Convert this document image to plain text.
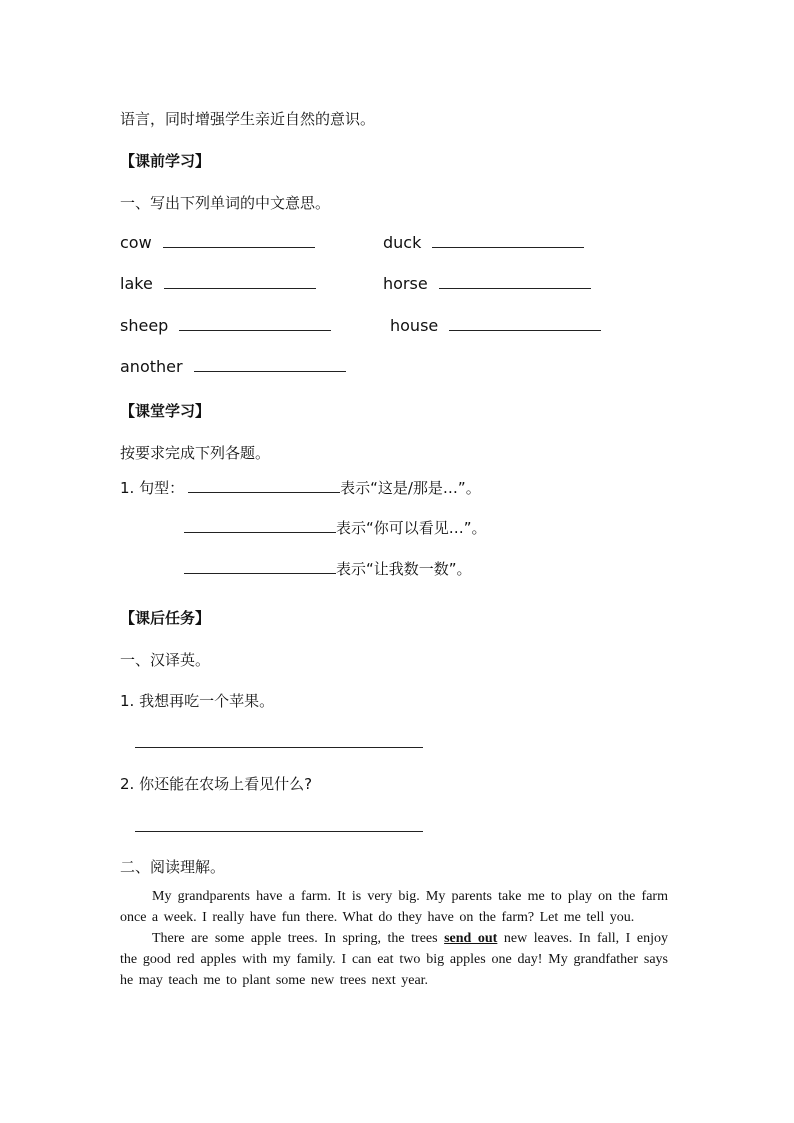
语言，同时增强学生亲近自然的意识。
【课前学习】
一、写出下列单词的中文意思。
cow	duck
lake	horse
sheep	house
another
【课堂学习】
按要求完成下列各题。
1. 句型：	表示“这是/那是…”。
表示“你可以看见…”。
表示“让我数一数”。
【课后任务】
一、汉译英。
1. 我想再吃一个苹果。
2. 你还能在农场上看见什么?
二、阅读理解。

My grandparents have a farm. It is very big. My parents take me to play on the farm once a week. I really have fun there. What do they have on the farm? Let me tell you.

There are some apple trees. In spring, the trees send out new leaves. In fall, I enjoy the good red apples with my family. I can eat two big apples one day! My grandfather says he may teach me to plant some new trees next year.
